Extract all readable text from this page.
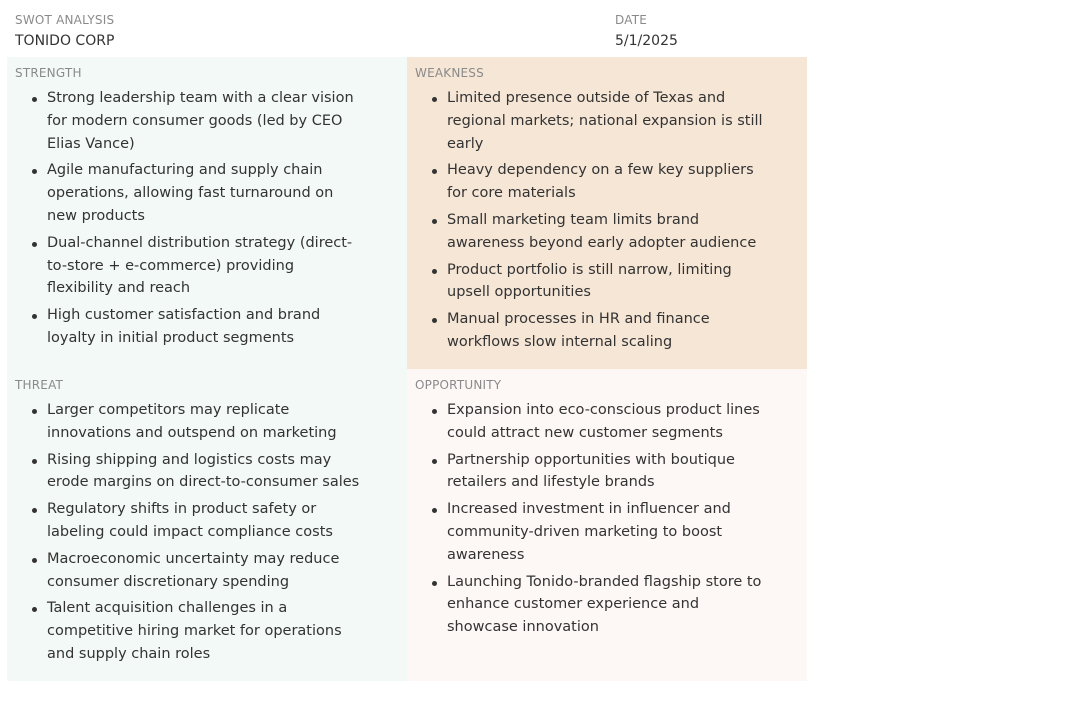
SWOT ANALYSIS
TONIDO CORP
DATE
5/1/2025
STRENGTH
Strong leadership team with a clear vision for modern consumer goods (led by CEO Elias Vance)
Agile manufacturing and supply chain operations, allowing fast turnaround on new products
Dual-channel distribution strategy (direct-to-store + e-commerce) providing flexibility and reach
High customer satisfaction and brand loyalty in initial product segments
WEAKNESS
Limited presence outside of Texas and regional markets; national expansion is still early
Heavy dependency on a few key suppliers for core materials
Small marketing team limits brand awareness beyond early adopter audience
Product portfolio is still narrow, limiting upsell opportunities
Manual processes in HR and finance workflows slow internal scaling
THREAT
Larger competitors may replicate innovations and outspend on marketing
Rising shipping and logistics costs may erode margins on direct-to-consumer sales
Regulatory shifts in product safety or labeling could impact compliance costs
Macroeconomic uncertainty may reduce consumer discretionary spending
Talent acquisition challenges in a competitive hiring market for operations and supply chain roles
OPPORTUNITY
Expansion into eco-conscious product lines could attract new customer segments
Partnership opportunities with boutique retailers and lifestyle brands
Increased investment in influencer and community-driven marketing to boost awareness
Launching Tonido-branded flagship store to enhance customer experience and showcase innovation
